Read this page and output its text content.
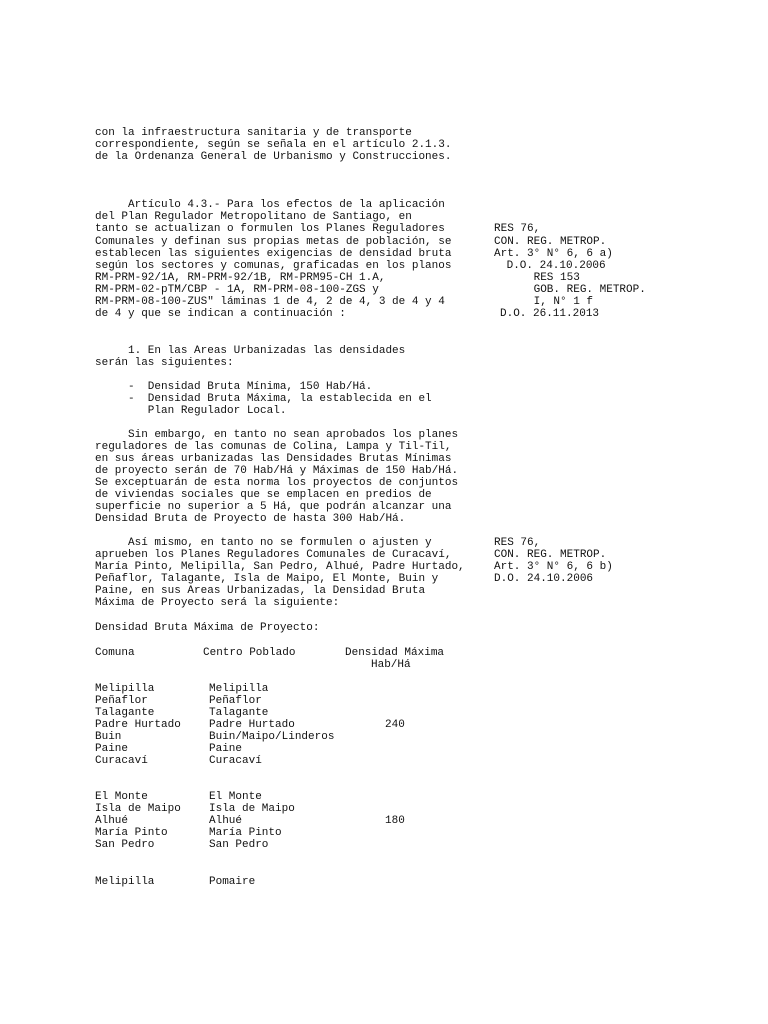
con la infraestructura sanitaria y de transporte
correspondiente, según se señala en el artículo 2.1.3.
de la Ordenanza General de Urbanismo y Construcciones.
Artículo 4.3.- Para los efectos de la aplicación
del Plan Regulador Metropolitano de Santiago, en
tanto se actualizan o formulen los Planes Reguladores
Comunales y definan sus propias metas de población, se
establecen las siguientes exigencias de densidad bruta
según los sectores y comunas, graficadas en los planos
RM-PRM-92/1A, RM-PRM-92/1B, RM-PRM95-CH 1.A,
RM-PRM-02-pTM/CBP - 1A, RM-PRM-08-100-ZGS y
RM-PRM-08-100-ZUS" láminas 1 de 4, 2 de 4, 3 de 4 y 4
de 4 y que se indican a continuación :
RES 76,
CON. REG. METROP.
Art. 3° N° 6, 6 a)
D.O. 24.10.2006
RES 153
GOB. REG. METROP.
I, N° 1 f
D.O. 26.11.2013
1. En las Areas Urbanizadas las densidades
serán las siguientes:
-  Densidad Bruta Mínima, 150 Hab/Há.
-  Densidad Bruta Máxima, la establecida en el
Plan Regulador Local.
Sin embargo, en tanto no sean aprobados los planes
reguladores de las comunas de Colina, Lampa y Til-Til,
en sus áreas urbanizadas las Densidades Brutas Mínimas
de proyecto serán de 70 Hab/Há y Máximas de 150 Hab/Há.
Se exceptuarán de esta norma los proyectos de conjuntos
de viviendas sociales que se emplacen en predios de
superficie no superior a 5 Há, que podrán alcanzar una
Densidad Bruta de Proyecto de hasta 300 Hab/Há.
Así mismo, en tanto no se formulen o ajusten y
aprueben los Planes Reguladores Comunales de Curacaví,
María Pinto, Melipilla, San Pedro, Alhué, Padre Hurtado,
Peñaflor, Talagante, Isla de Maipo, El Monte, Buin y
Paine, en sus Areas Urbanizadas, la Densidad Bruta
Máxima de Proyecto será la siguiente:
RES 76,
CON. REG. METROP.
Art. 3° N° 6, 6 b)
D.O. 24.10.2006
Densidad Bruta Máxima de Proyecto:
Comuna	Centro Poblado	Densidad Máxima
Hab/Há
Melipilla	Melipilla
Peñaflor	Peñaflor
Talagante	Talagante
Padre Hurtado	Padre Hurtado	240
Buin	Buin/Maipo/Linderos
Paine	Paine
Curacaví	Curacaví
El Monte	El Monte
Isla de Maipo	Isla de Maipo
Alhué	Alhué	180
María Pinto	María Pinto
San Pedro	San Pedro
Melipilla	Pomaire
